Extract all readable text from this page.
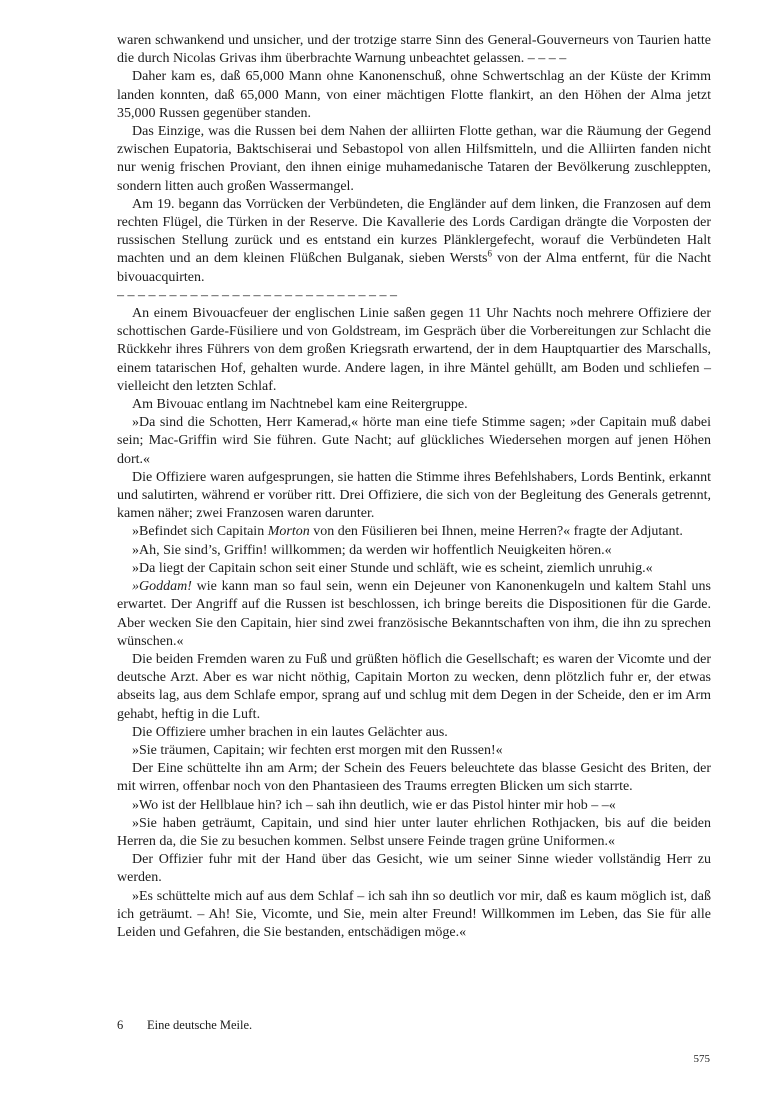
waren schwankend und unsicher, und der trotzige starre Sinn des General-Gouverneurs von Taurien hatte die durch Nicolas Grivas ihm überbrachte Warnung unbeachtet gelassen. – – – –

Daher kam es, daß 65,000 Mann ohne Kanonenschuß, ohne Schwertschlag an der Küste der Krimm landen konnten, daß 65,000 Mann, von einer mächtigen Flotte flankirt, an den Höhen der Alma jetzt 35,000 Russen gegenüber standen.

Das Einzige, was die Russen bei dem Nahen der alliirten Flotte gethan, war die Räumung der Gegend zwischen Eupatoria, Baktschiserai und Sebastopol von allen Hilfsmitteln, und die Alliirten fanden nicht nur wenig frischen Proviant, den ihnen einige muhamedanische Tataren der Bevölkerung zuschleppten, sondern litten auch großen Wassermangel.

Am 19. begann das Vorrücken der Verbündeten, die Engländer auf dem linken, die Franzosen auf dem rechten Flügel, die Türken in der Reserve. Die Kavallerie des Lords Cardigan drängte die Vorposten der russischen Stellung zurück und es entstand ein kurzes Plänklergefecht, worauf die Verbündeten Halt machten und an dem kleinen Flüßchen Bulganak, sieben Wersts$^6$ von der Alma entfernt, für die Nacht bivouacquirten.

– – – – – – – – – – – – – – – – – – – – – – – – – – –

An einem Bivouacfeuer der englischen Linie saßen gegen 11 Uhr Nachts noch mehrere Offiziere der schottischen Garde-Füsiliere und von Goldstream, im Gespräch über die Vorbereitungen zur Schlacht die Rückkehr ihres Führers von dem großen Kriegsrath erwartend, der in dem Hauptquartier des Marschalls, einem tatarischen Hof, gehalten wurde. Andere lagen, in ihre Mäntel gehüllt, am Boden und schliefen – vielleicht den letzten Schlaf.

Am Bivouac entlang im Nachtnebel kam eine Reitergruppe.

»Da sind die Schotten, Herr Kamerad,« hörte man eine tiefe Stimme sagen; »der Capitain muß dabei sein; Mac-Griffin wird Sie führen. Gute Nacht; auf glückliches Wiedersehen morgen auf jenen Höhen dort.«

Die Offiziere waren aufgesprungen, sie hatten die Stimme ihres Befehlshabers, Lords Bentink, erkannt und salutirten, während er vorüber ritt. Drei Offiziere, die sich von der Begleitung des Generals getrennt, kamen näher; zwei Franzosen waren darunter.

»Befindet sich Capitain Morton von den Füsilieren bei Ihnen, meine Herren?« fragte der Adjutant.

»Ah, Sie sind’s, Griffin! willkommen; da werden wir hoffentlich Neuigkeiten hören.«

»Da liegt der Capitain schon seit einer Stunde und schläft, wie es scheint, ziemlich unruhig.«

»Goddam! wie kann man so faul sein, wenn ein Dejeuner von Kanonenkugeln und kaltem Stahl uns erwartet. Der Angriff auf die Russen ist beschlossen, ich bringe bereits die Dispositionen für die Garde. Aber wecken Sie den Capitain, hier sind zwei französische Bekanntschaften von ihm, die ihn zu sprechen wünschen.«

Die beiden Fremden waren zu Fuß und grüßten höflich die Gesellschaft; es waren der Vicomte und der deutsche Arzt. Aber es war nicht nöthig, Capitain Morton zu wecken, denn plötzlich fuhr er, der etwas abseits lag, aus dem Schlafe empor, sprang auf und schlug mit dem Degen in der Scheide, den er im Arm gehabt, heftig in die Luft.

Die Offiziere umher brachen in ein lautes Gelächter aus.

»Sie träumen, Capitain; wir fechten erst morgen mit den Russen!«

Der Eine schüttelte ihn am Arm; der Schein des Feuers beleuchtete das blasse Gesicht des Briten, der mit wirren, offenbar noch von den Phantasieen des Traums erregten Blicken um sich starrte.

»Wo ist der Hellblaue hin? ich – sah ihn deutlich, wie er das Pistol hinter mir hob – –«

»Sie haben geträumt, Capitain, und sind hier unter lauter ehrlichen Rothjacken, bis auf die beiden Herren da, die Sie zu besuchen kommen. Selbst unsere Feinde tragen grüne Uniformen.«

Der Offizier fuhr mit der Hand über das Gesicht, wie um seiner Sinne wieder vollständig Herr zu werden.

»Es schüttelte mich auf aus dem Schlaf – ich sah ihn so deutlich vor mir, daß es kaum möglich ist, daß ich geträumt. – Ah! Sie, Vicomte, und Sie, mein alter Freund! Willkommen im Leben, das Sie für alle Leiden und Gefahren, die Sie bestanden, entschädigen möge.«

6 Eine deutsche Meile.
575
